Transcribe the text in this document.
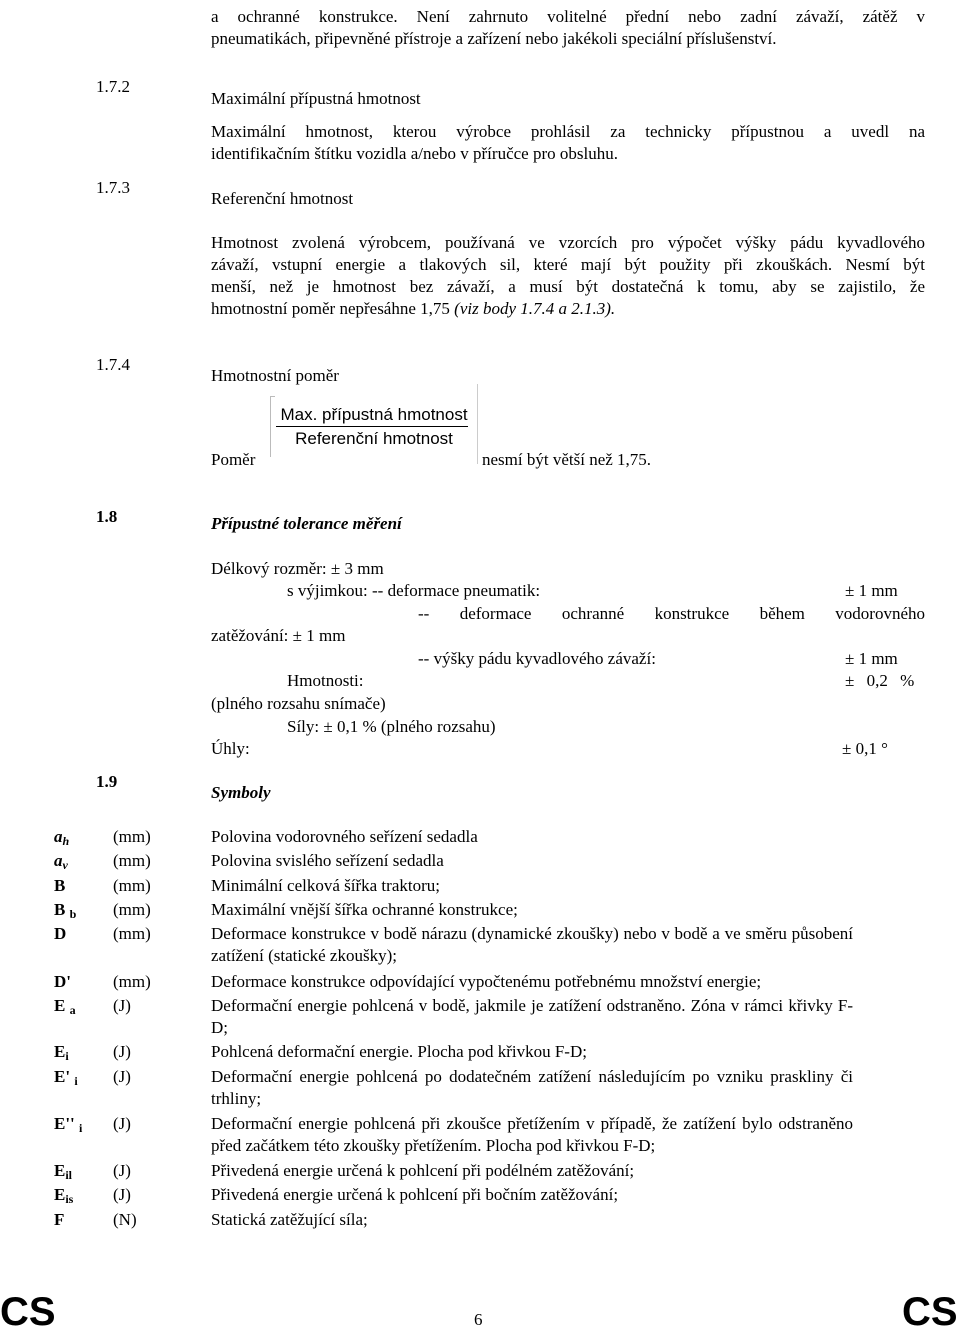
a ochranné konstrukce. Není zahrnuto volitelné přední nebo zadní závaží, zátěž v
pneumatikách, připevněné přístroje a zařízení nebo jakékoli speciální příslušenství.
1.7.2
Maximální přípustná hmotnost
Maximální hmotnost, kterou výrobce prohlásil za technicky přípustnou a uvedl na
identifikačním štítku vozidla a/nebo v příručce pro obsluhu.
1.7.3
Referenční hmotnost
Hmotnost zvolená výrobcem, používaná ve vzorcích pro výpočet výšky pádu kyvadlového
závaží, vstupní energie a tlakových sil, které mají být použity při zkouškách. Nesmí být
menší, než je hmotnost bez závaží, a musí být dostatečná k tomu, aby se zajistilo, že
hmotnostní poměr nepřesáhne 1,75 (viz body 1.7.4 a 2.1.3).
1.7.4
Hmotnostní poměr
Poměr
Max. přípustná hmotnost
Referenční hmotnost
nesmí být větší než 1,75.
1.8	Přípustné tolerance měření
Délkový rozměr: ± 3 mm
s výjimkou: -- deformace pneumatik:	± 1 mm
-- deformace ochranné konstrukce během vodorovného
zatěžování: ± 1 mm
-- výšky pádu kyvadlového závaží:	± 1 mm
Hmotnosti:	± 0,2 %
(plného rozsahu snímače)
Síly: ± 0,1 % (plného rozsahu)
Úhly:	± 0,1 °
1.9
Symboly
$a_h$	(mm)	Polovina vodorovného seřízení sedadla
$a_v$	(mm)	Polovina svislého seřízení sedadla
B	(mm)	Minimální celková šířka traktoru;
B $_b$ (mm)	Maximální vnější šířka ochranné konstrukce;
D	(mm)	Deformace konstrukce v bodě nárazu (dynamické zkoušky) nebo v bodě a ve směru působení zatížení (statické zkoušky);
D' (mm)	Deformace konstrukce odpovídající vypočtenému potřebnému množství energie;
E $_a$ (J)	Deformační energie pohlcená v bodě, jakmile je zatížení odstraněno. Zóna v rámci křivky F-D;
$E_i$	(J)	Pohlcená deformační energie. Plocha pod křivkou F-D;
E' $_i$ (J)	Deformační energie pohlcená po dodatečném zatížení následujícím po vzniku praskliny či trhliny;
E'' $_i$ (J)	Deformační energie pohlcená při zkoušce přetížením v případě, že zatížení bylo odstraněno před začátkem této zkoušky přetížením. Plocha pod křivkou F-D;
$E_{il}$ (J)	Přivedená energie určená k pohlcení při podélném zatěžování;
$E_{is}$ (J)	Přivedená energie určená k pohlcení při bočním zatěžování;
F	(N)	Statická zatěžující síla;
CS	6	CS
